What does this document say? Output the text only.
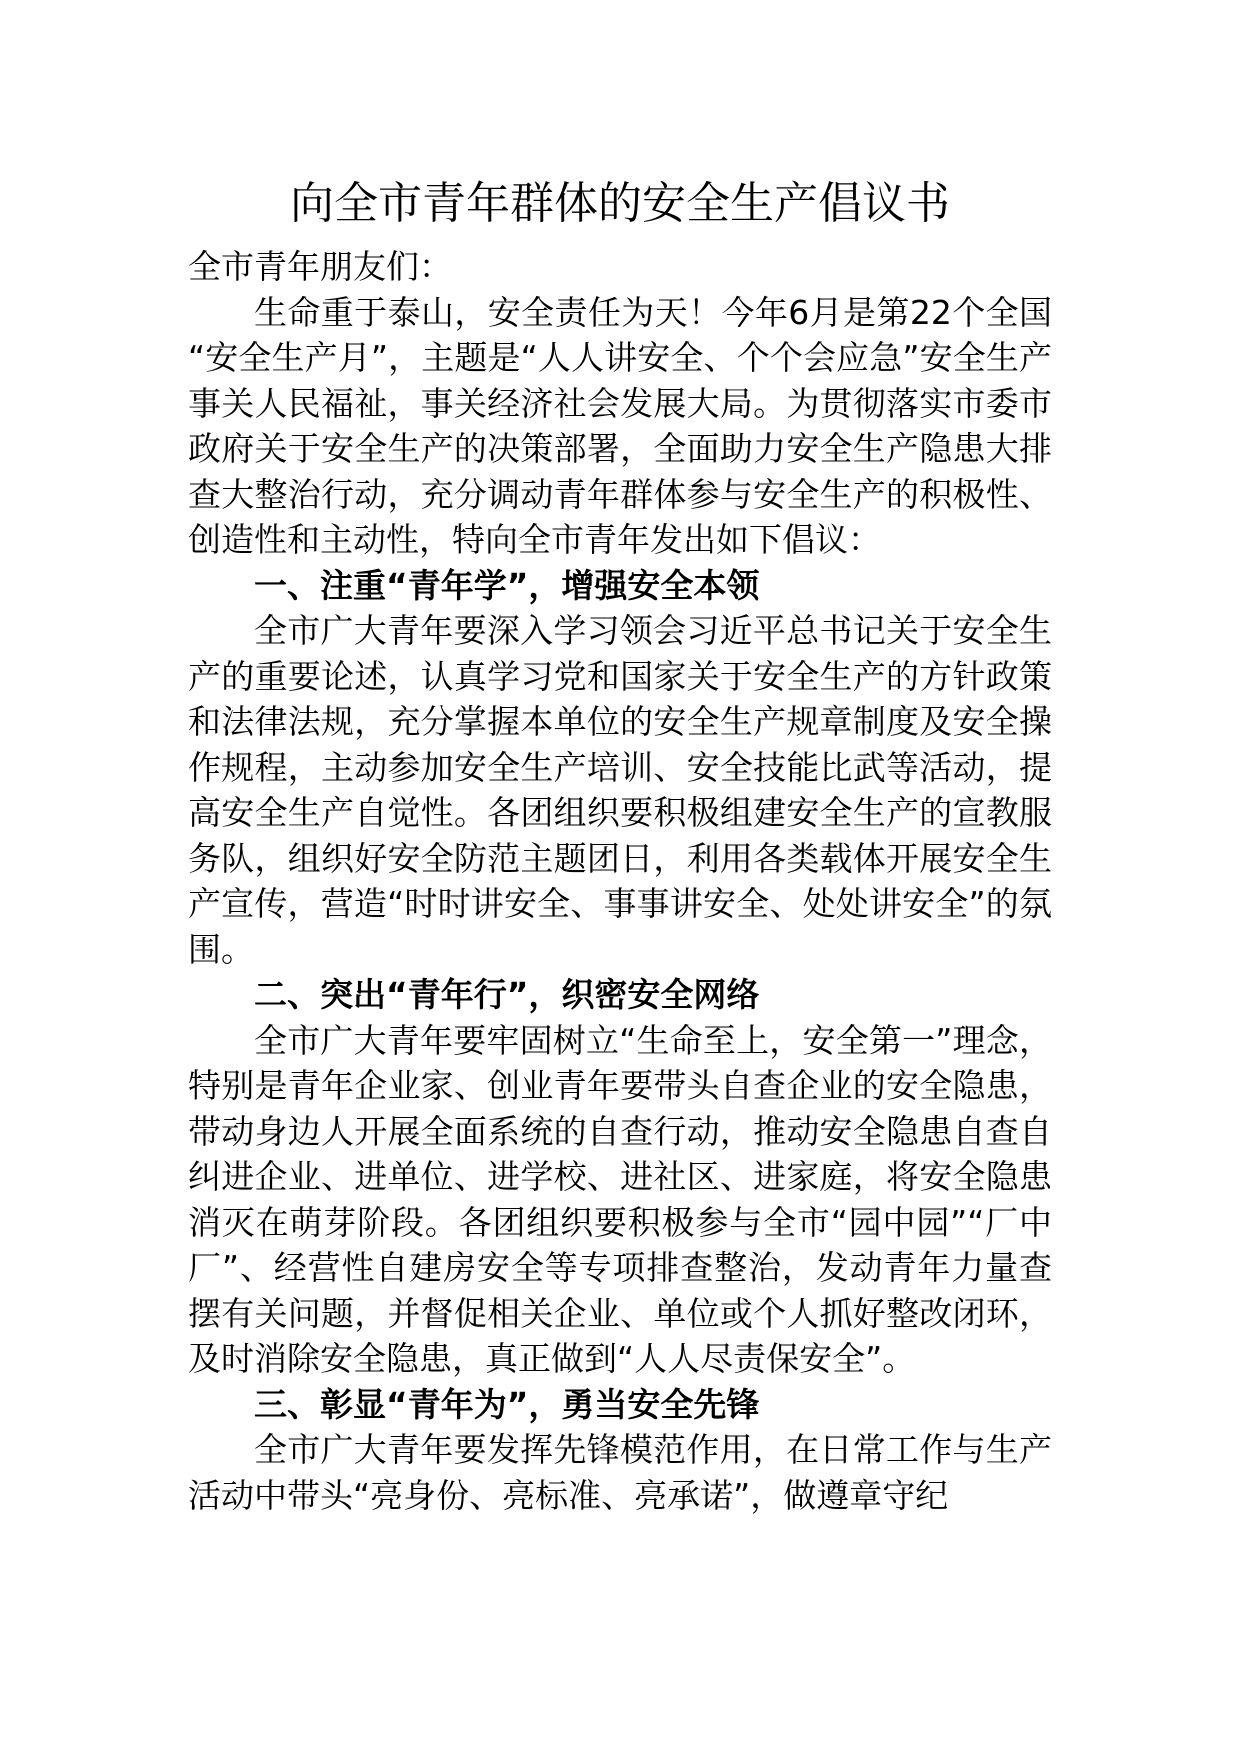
向全市青年群体的安全生产倡议书

全市青年朋友们：

生命重于泰山，安全责任为天！今年6月是第22个全国“安全生产月”，主题是“人人讲安全、个个会应急”安全生产事关人民福祉，事关经济社会发展大局。为贯彻落实市委市政府关于安全生产的决策部署，全面助力安全生产隐患大排查大整治行动，充分调动青年群体参与安全生产的积极性、创造性和主动性，特向全市青年发出如下倡议：

一、注重“青年学”，增强安全本领

全市广大青年要深入学习领会习近平总书记关于安全生产的重要论述，认真学习党和国家关于安全生产的方针政策和法律法规，充分掌握本单位的安全生产规章制度及安全操作规程，主动参加安全生产培训、安全技能比武等活动，提高安全生产自觉性。各团组织要积极组建安全生产的宣教服务队，组织好安全防范主题团日，利用各类载体开展安全生产宣传，营造“时时讲安全、事事讲安全、处处讲安全”的氛围。

二、突出“青年行”，织密安全网络

全市广大青年要牢固树立“生命至上，安全第一”理念，特别是青年企业家、创业青年要带头自查企业的安全隐患，带动身边人开展全面系统的自查行动，推动安全隐患自查自纠进企业、进单位、进学校、进社区、进家庭，将安全隐患消灭在萌芽阶段。各团组织要积极参与全市“园中园”“厂中厂”、经营性自建房安全等专项排查整治，发动青年力量查摆有关问题，并督促相关企业、单位或个人抓好整改闭环，及时消除安全隐患，真正做到“人人尽责保安全”。

三、彰显“青年为”，勇当安全先锋

全市广大青年要发挥先锋模范作用，在日常工作与生产活动中带头“亮身份、亮标准、亮承诺”，做遵章守纪
